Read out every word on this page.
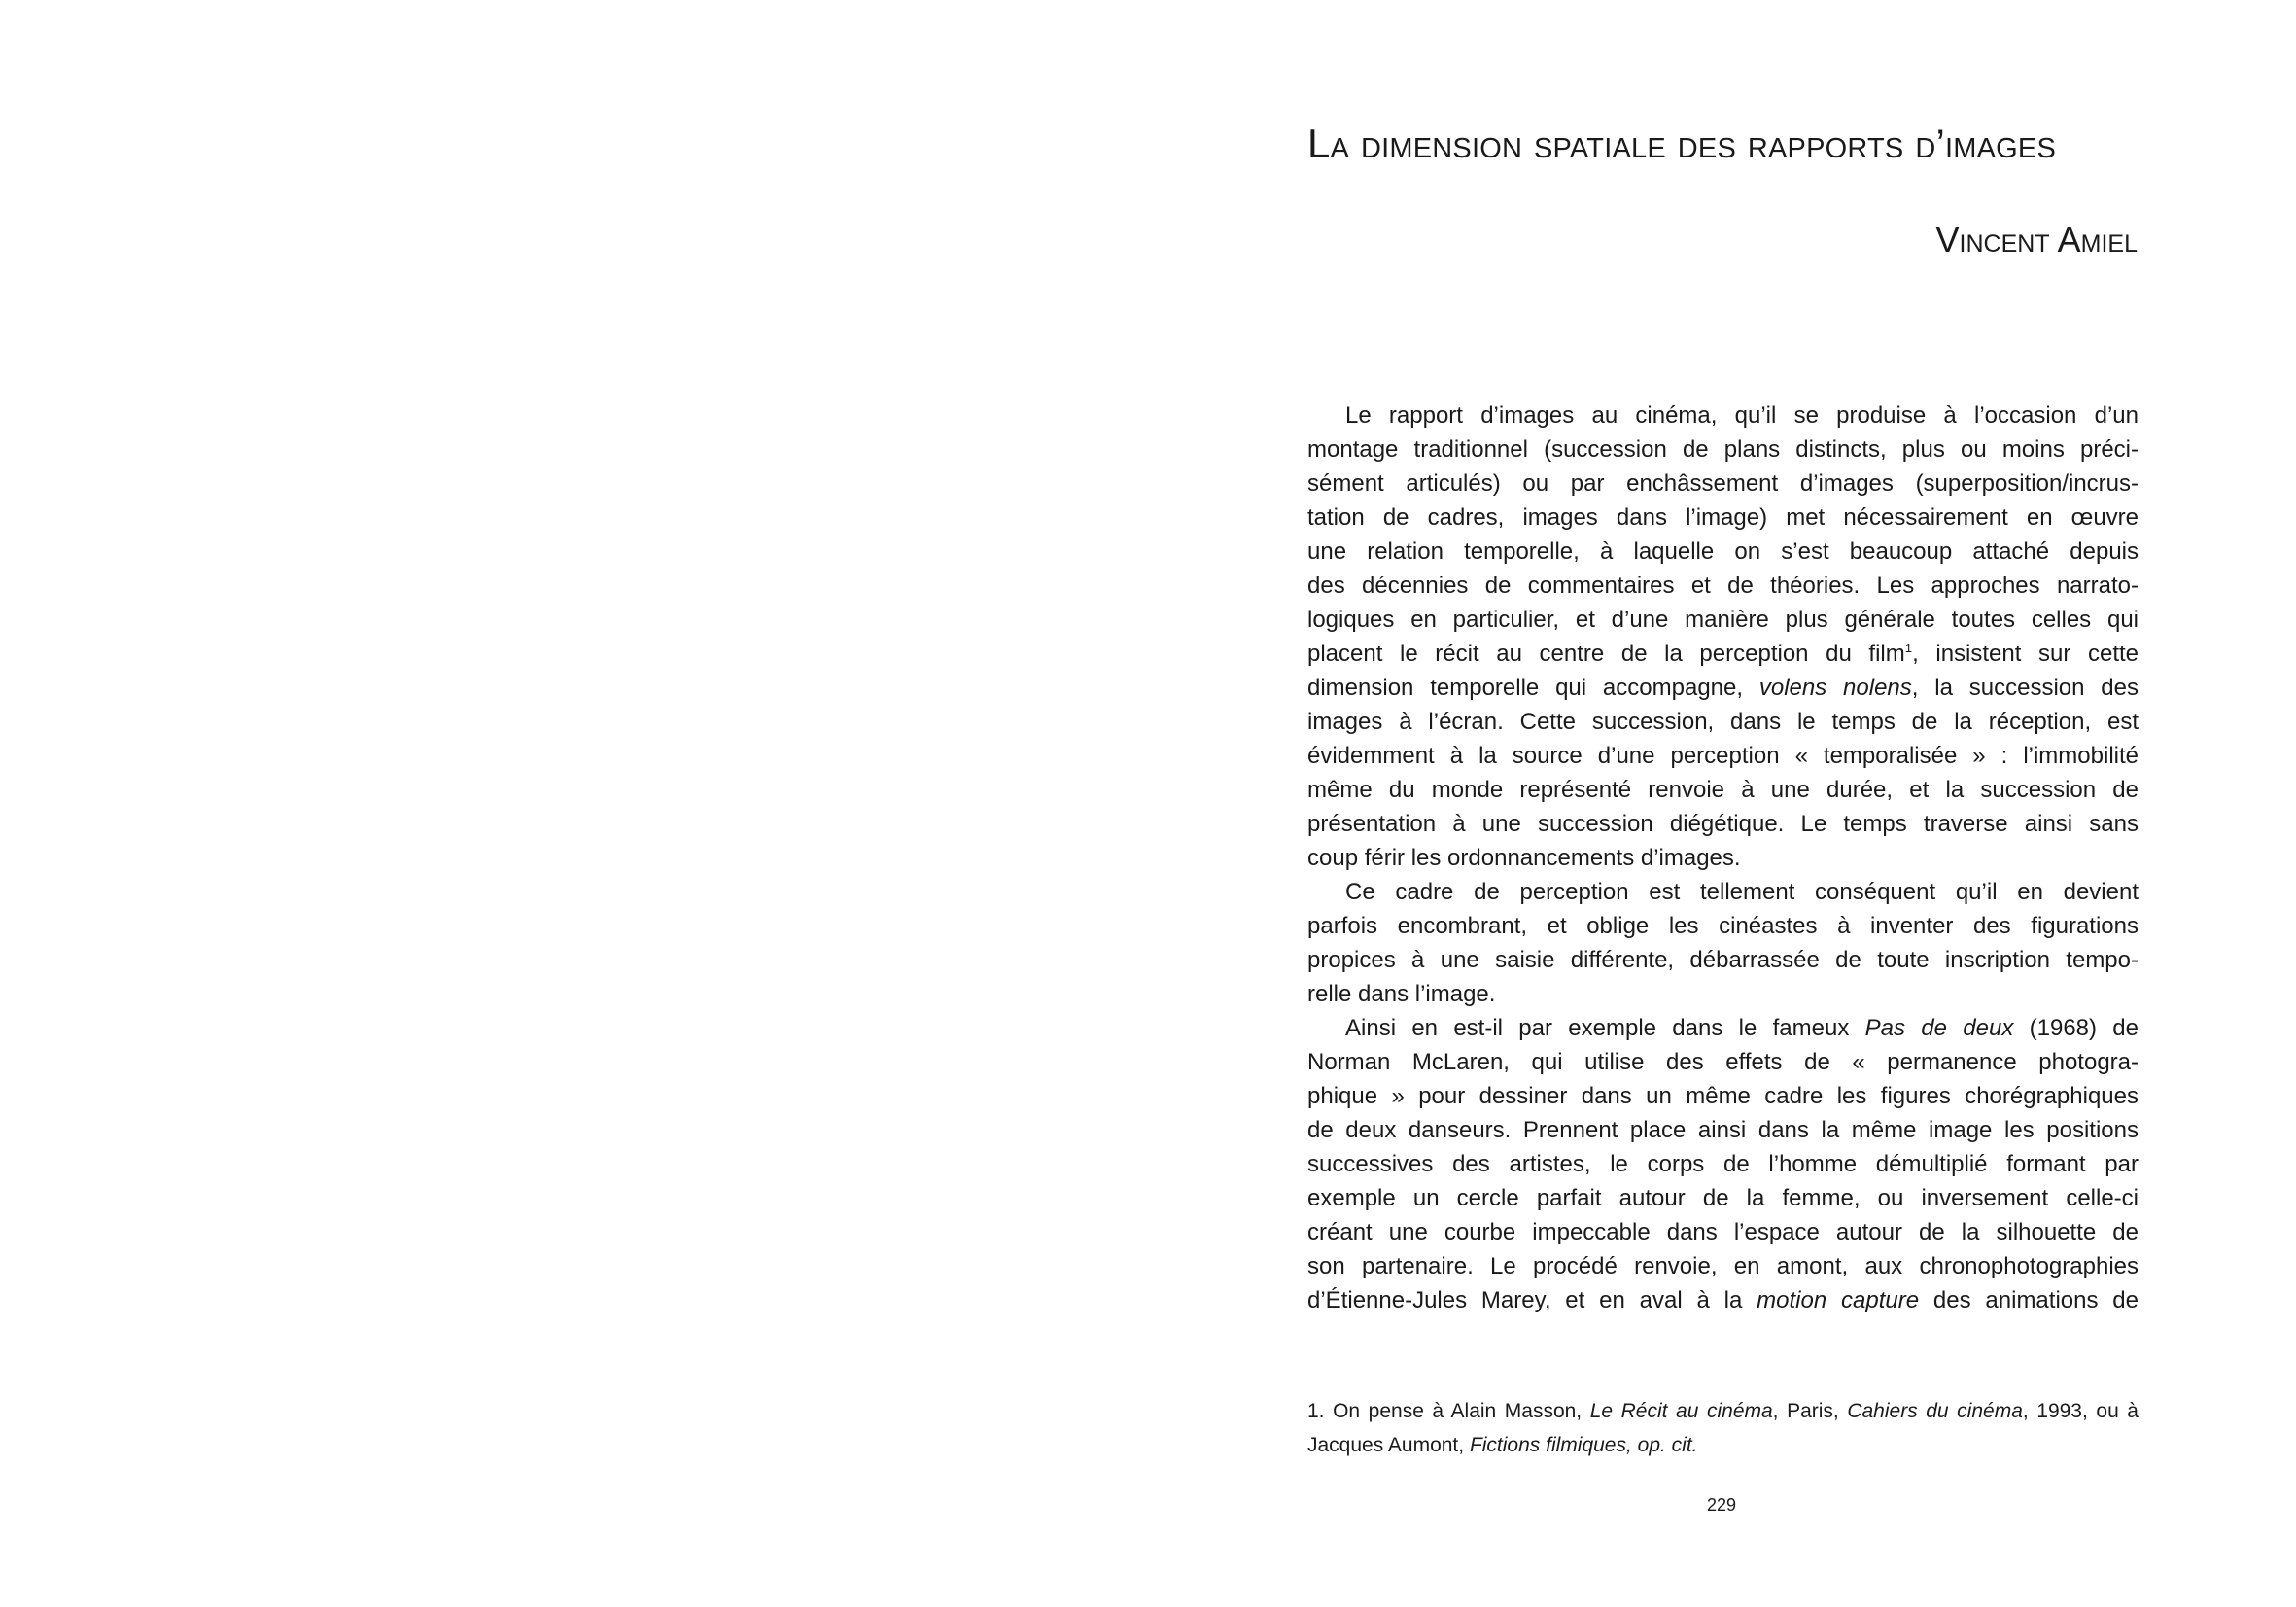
La dimension spatiale des rapports d’images
Vincent Amiel
Le rapport d’images au cinéma, qu’il se produise à l’occasion d’un
montage traditionnel (succession de plans distincts, plus ou moins préci-
sément articulés) ou par enchâssement d’images (superposition/incrus-
tation de cadres, images dans l’image) met nécessairement en œuvre
une relation temporelle, à laquelle on s’est beaucoup attaché depuis
des décennies de commentaires et de théories. Les approches narrato-
logiques en particulier, et d’une manière plus générale toutes celles qui
placent le récit au centre de la perception du film$^1$, insistent sur cette
dimension temporelle qui accompagne, volens nolens, la succession des
images à l’écran. Cette succession, dans le temps de la réception, est
évidemment à la source d’une perception « temporalisée » : l’immobilité
même du monde représenté renvoie à une durée, et la succession de
présentation à une succession diégétique. Le temps traverse ainsi sans
coup férir les ordonnancements d’images.
Ce cadre de perception est tellement conséquent qu’il en devient
parfois encombrant, et oblige les cinéastes à inventer des figurations
propices à une saisie différente, débarrassée de toute inscription tempo-
relle dans l’image.
Ainsi en est-il par exemple dans le fameux Pas de deux (1968) de
Norman McLaren, qui utilise des effets de « permanence photogra-
phique » pour dessiner dans un même cadre les figures chorégraphiques
de deux danseurs. Prennent place ainsi dans la même image les positions
successives des artistes, le corps de l’homme démultiplié formant par
exemple un cercle parfait autour de la femme, ou inversement celle-ci
créant une courbe impeccable dans l’espace autour de la silhouette de
son partenaire. Le procédé renvoie, en amont, aux chronophotographies
d’Étienne-Jules Marey, et en aval à la motion capture des animations de
1. On pense à Alain Masson, Le Récit au cinéma, Paris, Cahiers du cinéma, 1993, ou à
Jacques Aumont, Fictions filmiques, op. cit.
229
